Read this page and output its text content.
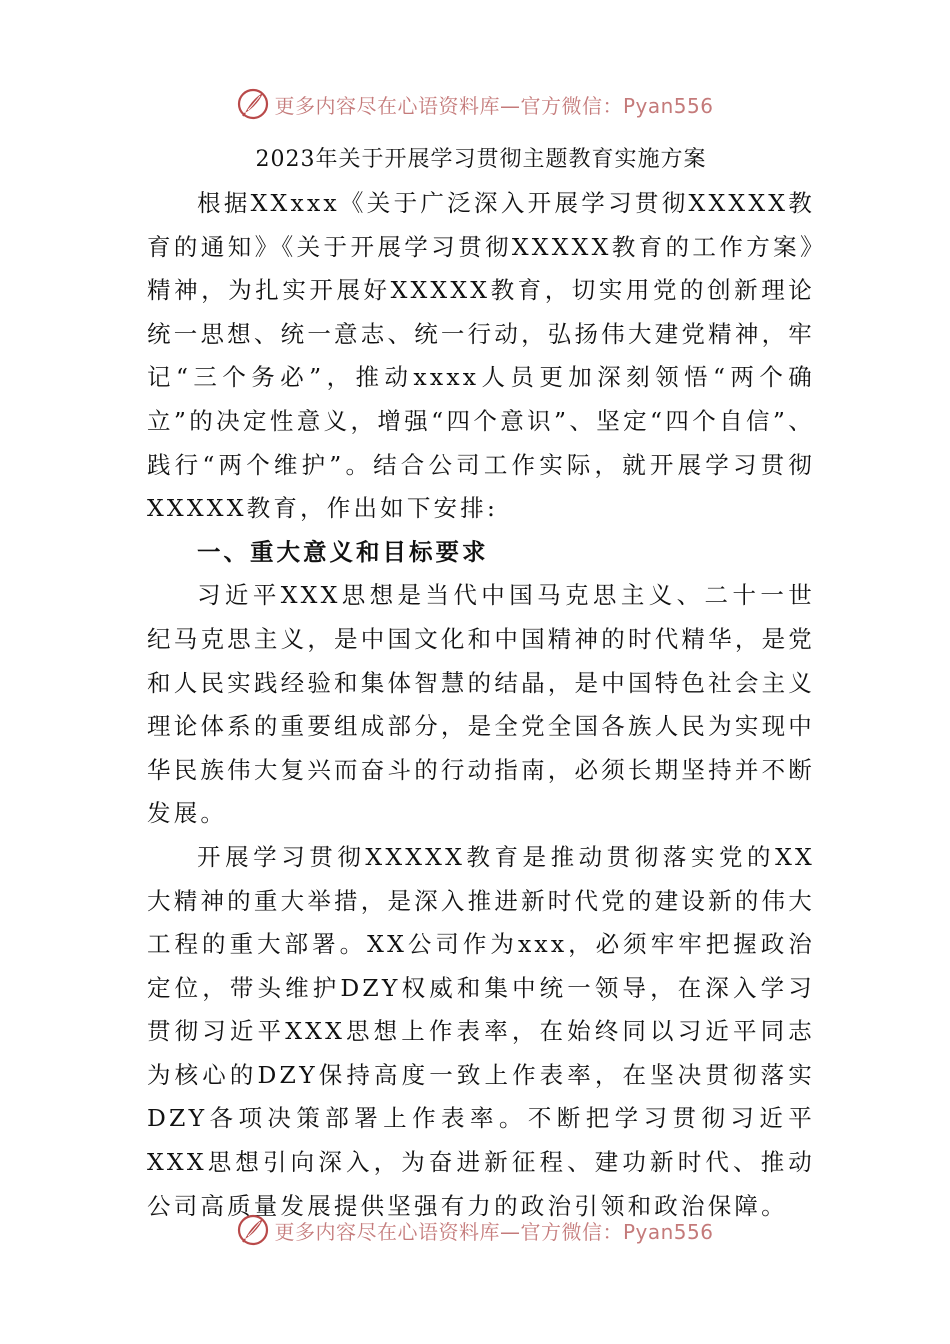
更多内容尽在心语资料库—官方微信：Pyan556
2023年关于开展学习贯彻主题教育实施方案

根据XXxxx《关于广泛深入开展学习贯彻XXXXX教育的通知》《关于开展学习贯彻XXXXX教育的工作方案》精神，为扎实开展好XXXXX教育，切实用党的创新理论统一思想、统一意志、统一行动，弘扬伟大建党精神，牢记“三个务必”，推动xxxx人员更加深刻领悟“两个确立”的决定性意义，增强“四个意识”、坚定“四个自信”、践行“两个维护”。结合公司工作实际，就开展学习贯彻XXXXX教育，作出如下安排:

一、重大意义和目标要求

习近平XXX思想是当代中国马克思主义、二十一世纪马克思主义，是中国文化和中国精神的时代精华，是党和人民实践经验和集体智慧的结晶，是中国特色社会主义理论体系的重要组成部分，是全党全国各族人民为实现中华民族伟大复兴而奋斗的行动指南，必须长期坚持并不断发展。

开展学习贯彻XXXXX教育是推动贯彻落实党的XX大精神的重大举措，是深入推进新时代党的建设新的伟大工程的重大部署。XX公司作为xxx，必须牢牢把握政治定位，带头维护DZY权威和集中统一领导，在深入学习贯彻习近平XXX思想上作表率，在始终同以习近平同志为核心的DZY保持高度一致上作表率，在坚决贯彻落实DZY各项决策部署上作表率。不断把学习贯彻习近平XXX思想引向深入，为奋进新征程、建功新时代、推动公司高质量发展提供坚强有力的政治引领和政治保障。

更多内容尽在心语资料库—官方微信：Pyan556
